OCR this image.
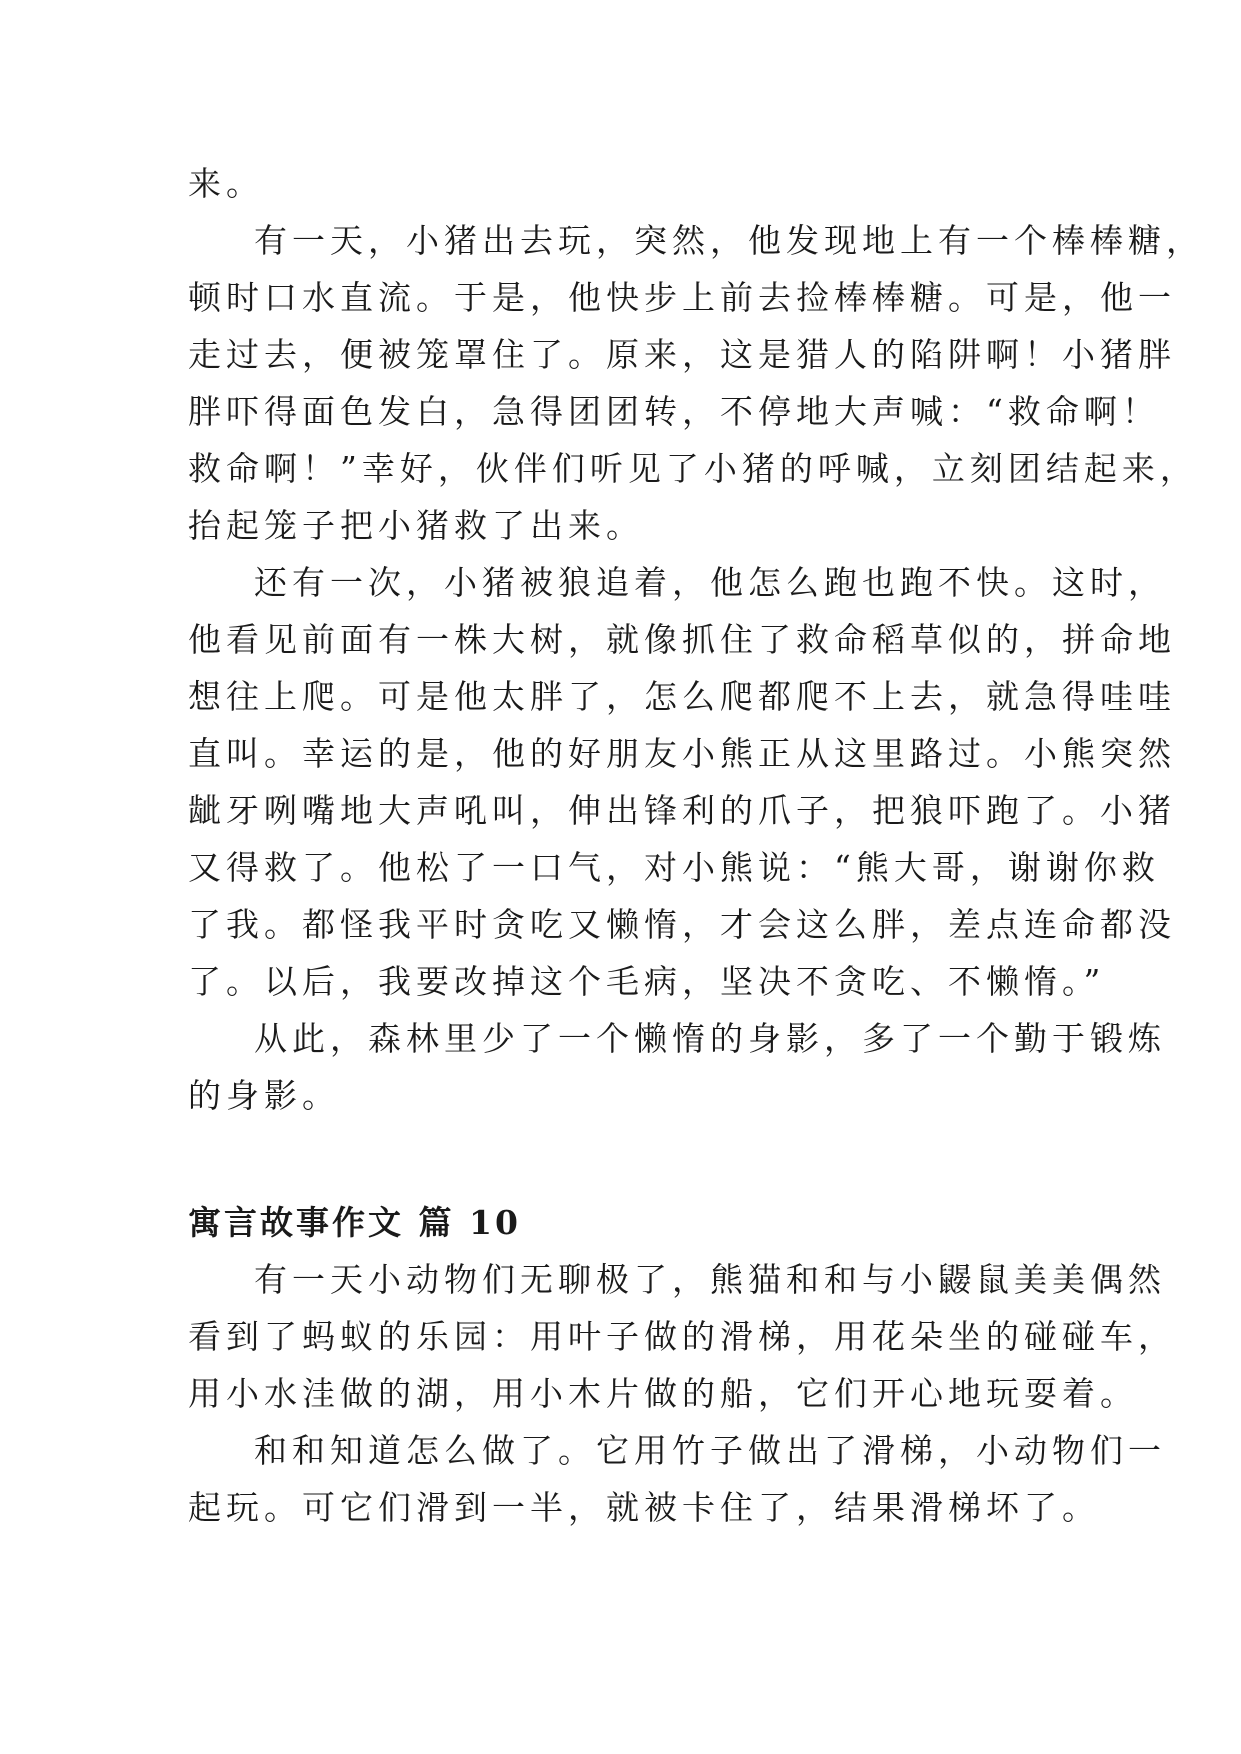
来。

有一天，小猪出去玩，突然，他发现地上有一个棒棒糖，

顿时口水直流。于是，他快步上前去捡棒棒糖。可是，他一

走过去，便被笼罩住了。原来，这是猎人的陷阱啊！小猪胖

胖吓得面色发白，急得团团转，不停地大声喊：“救命啊！

救命啊！”幸好，伙伴们听见了小猪的呼喊，立刻团结起来，

抬起笼子把小猪救了出来。

还有一次，小猪被狼追着，他怎么跑也跑不快。这时，

他看见前面有一株大树，就像抓住了救命稻草似的，拼命地

想往上爬。可是他太胖了，怎么爬都爬不上去，就急得哇哇

直叫。幸运的是，他的好朋友小熊正从这里路过。小熊突然

龇牙咧嘴地大声吼叫，伸出锋利的爪子，把狼吓跑了。小猪

又得救了。他松了一口气，对小熊说：“熊大哥，谢谢你救

了我。都怪我平时贪吃又懒惰，才会这么胖，差点连命都没

了。以后，我要改掉这个毛病，坚决不贪吃、不懒惰。”

从此，森林里少了一个懒惰的身影，多了一个勤于锻炼

的身影。

寓言故事作文 篇 10

有一天小动物们无聊极了，熊猫和和与小鼹鼠美美偶然

看到了蚂蚁的乐园：用叶子做的滑梯，用花朵坐的碰碰车，

用小水洼做的湖，用小木片做的船，它们开心地玩耍着。

和和知道怎么做了。它用竹子做出了滑梯，小动物们一

起玩。可它们滑到一半，就被卡住了，结果滑梯坏了。
